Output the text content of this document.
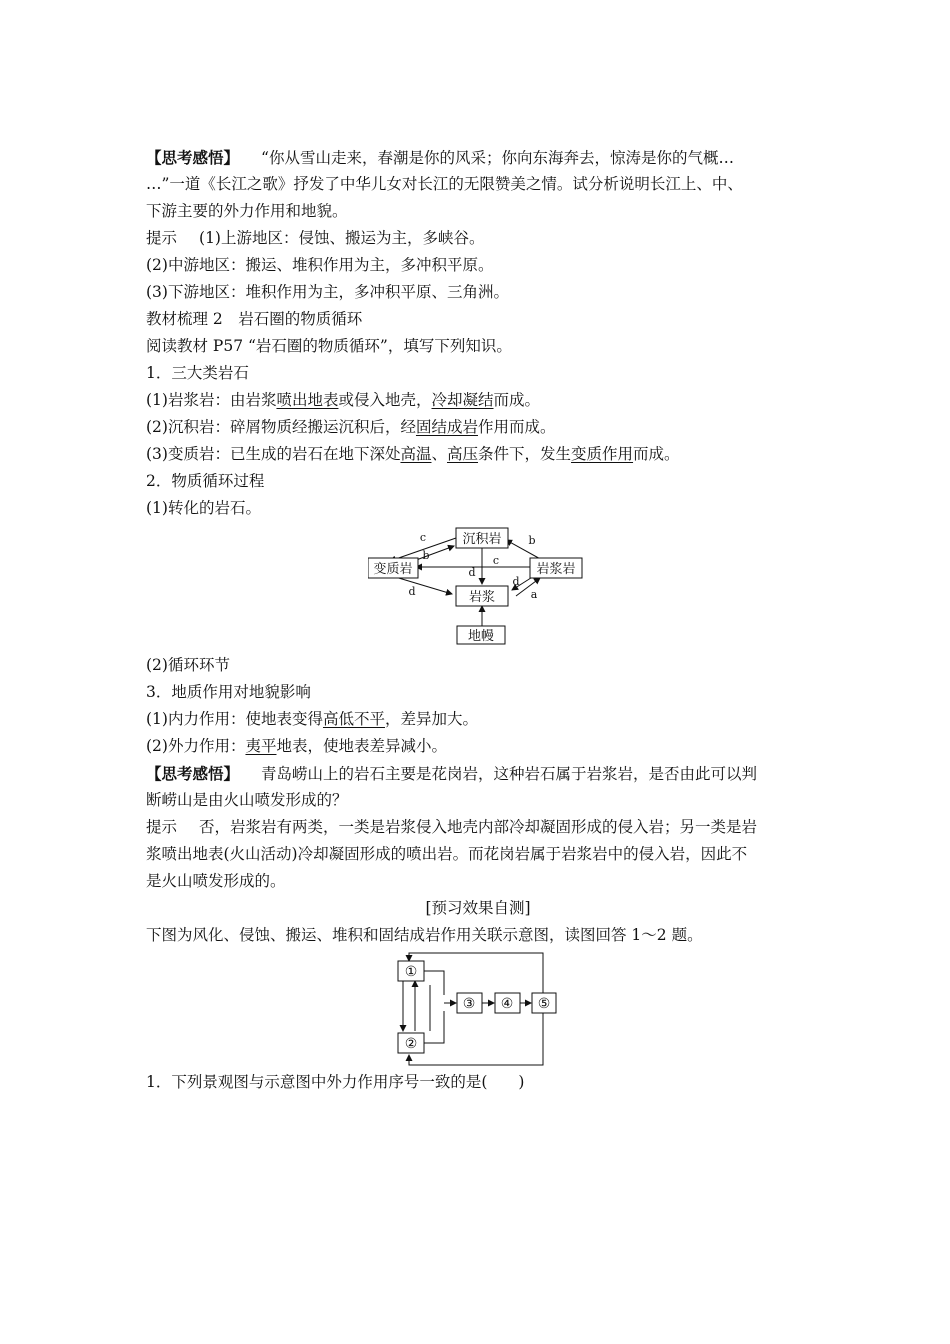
【思考感悟】 “你从雪山走来，春潮是你的风采；你向东海奔去，惊涛是你的气概…
…”一道《长江之歌》抒发了中华儿女对长江的无限赞美之情。试分析说明长江上、中、
下游主要的外力作用和地貌。
提示 (1)上游地区：侵蚀、搬运为主，多峡谷。
(2)中游地区：搬运、堆积作用为主，多冲积平原。
(3)下游地区：堆积作用为主，多冲积平原、三角洲。
教材梳理 2　岩石圈的物质循环
阅读教材 P57 “岩石圈的物质循环”，填写下列知识。
1．三大类岩石
(1)岩浆岩：由岩浆喷出地表或侵入地壳，冷却凝结而成。
(2)沉积岩：碎屑物质经搬运沉积后，经固结成岩作用而成。
(3)变质岩：已生成的岩石在地下深处高温、高压条件下，发生变质作用而成。
2．物质循环过程
(1)转化的岩石。
沉积岩
变质岩	岩浆岩
岩浆
地幔
c
b
b
c
d
d
d
a
(2)循环环节
3．地质作用对地貌影响
(1)内力作用：使地表变得高低不平，差异加大。
(2)外力作用：夷平地表，使地表差异减小。
【思考感悟】 青岛崂山上的岩石主要是花岗岩，这种岩石属于岩浆岩，是否由此可以判
断崂山是由火山喷发形成的？
提示 否，岩浆岩有两类，一类是岩浆侵入地壳内部冷却凝固形成的侵入岩；另一类是岩
浆喷出地表(火山活动)冷却凝固形成的喷出岩。而花岗岩属于岩浆岩中的侵入岩，因此不
是火山喷发形成的。
[预习效果自测]
下图为风化、侵蚀、搬运、堆积和固结成岩作用关联示意图，读图回答 1～2 题。
①
②
③ ④ ⑤
1．下列景观图与示意图中外力作用序号一致的是(　　)
